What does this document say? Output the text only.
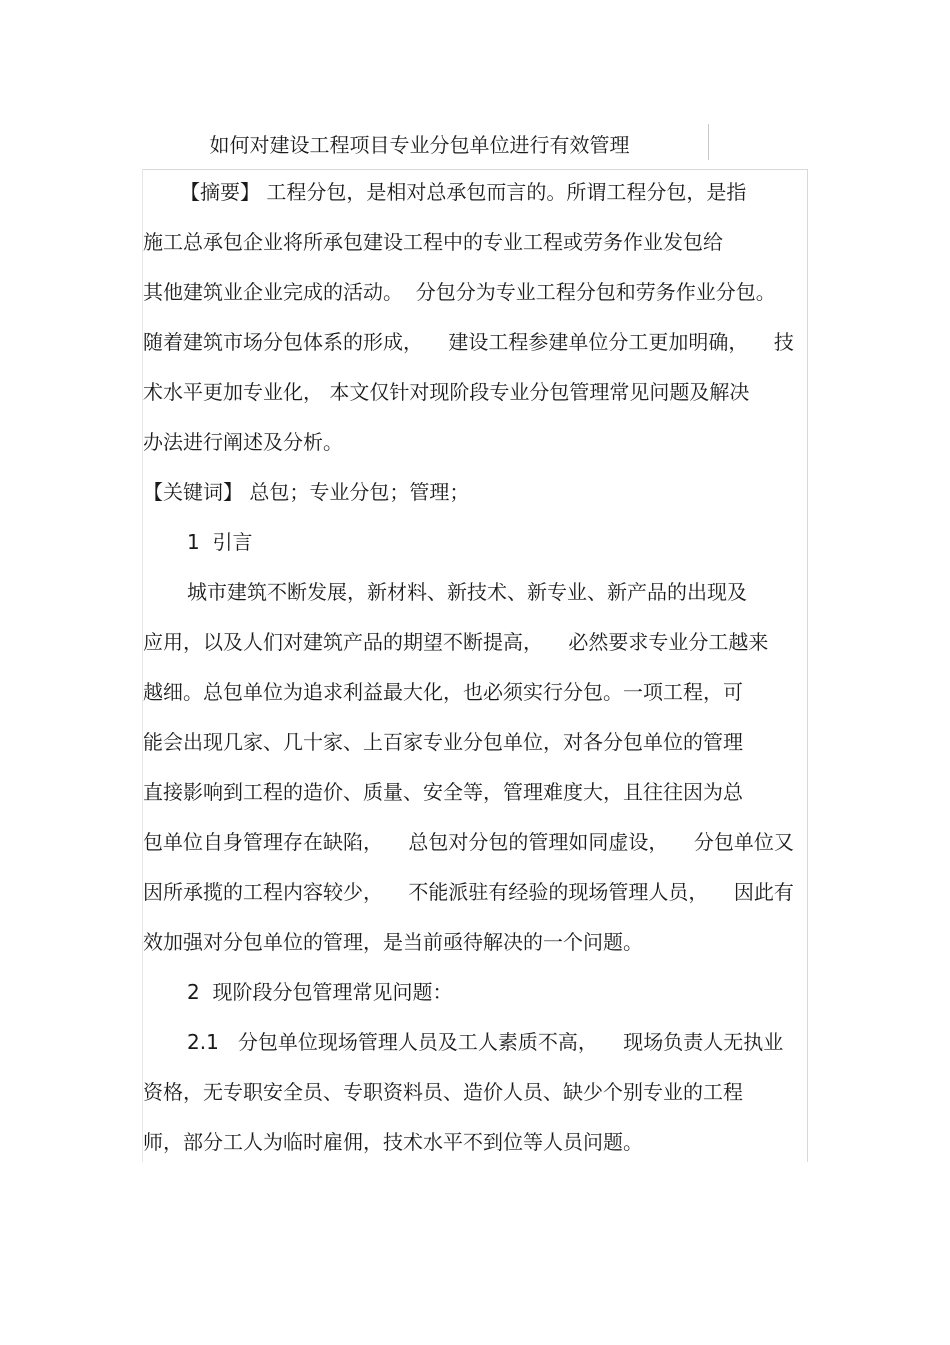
如何对建设工程项目专业分包单位进行有效管理
【摘要】 工程分包，是相对总承包而言的。所谓工程分包，是指
施工总承包企业将所承包建设工程中的专业工程或劳务作业发包给
其他建筑业企业完成的活动。  分包分为专业工程分包和劳务作业分包。
随着建筑市场分包体系的形成，    建设工程参建单位分工更加明确，    技
术水平更加专业化， 本文仅针对现阶段专业分包管理常见问题及解决
办法进行阐述及分析。
【关键词】 总包；专业分包；管理；
1  引言
城市建筑不断发展，新材料、新技术、新专业、新产品的出现及
应用，以及人们对建筑产品的期望不断提高，    必然要求专业分工越来
越细。总包单位为追求利益最大化，也必须实行分包。一项工程，可
能会出现几家、几十家、上百家专业分包单位，对各分包单位的管理
直接影响到工程的造价、质量、安全等，管理难度大，且往往因为总
包单位自身管理存在缺陷，    总包对分包的管理如同虚设，    分包单位又
因所承揽的工程内容较少，    不能派驻有经验的现场管理人员，    因此有
效加强对分包单位的管理，是当前亟待解决的一个问题。
2  现阶段分包管理常见问题：
2.1   分包单位现场管理人员及工人素质不高，    现场负责人无执业
资格，无专职安全员、专职资料员、造价人员、缺少个别专业的工程
师，部分工人为临时雇佣，技术水平不到位等人员问题。
